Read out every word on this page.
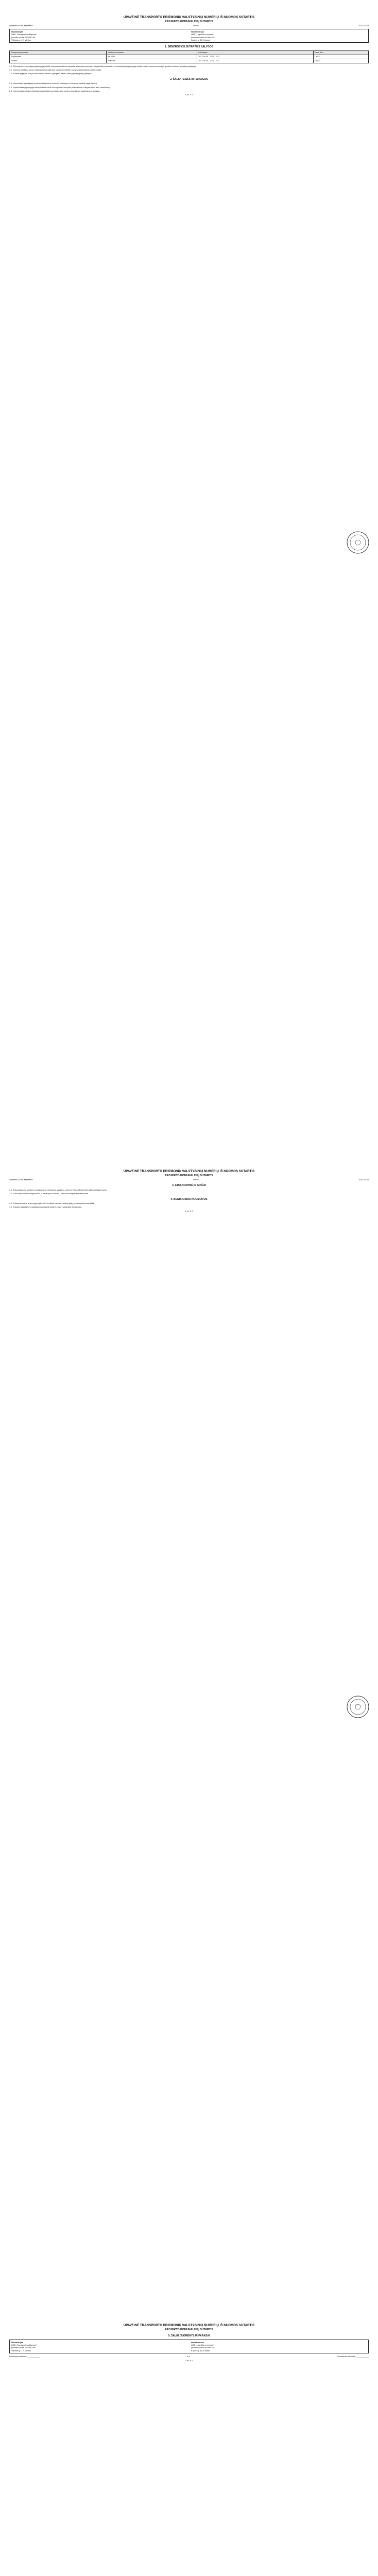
UPAVTINĖ TRANSPORTO PRIEMONIŲ VALSTYBINIŲ NUMERIŲ IŠ NUOMOS SUTARTIS
PROJEKTO KOMUNALINIŲ SUTARTIS
Sutarties Nr. KT-2021/0017	Vilnius	2021-06-08
Nuomotojas
UAB „Transporto valdymas“
Įmonės kodas 123456789
Vilniaus g. 12, Vilnius
Nuomininkas
UAB „Logistikos centras“
Įmonės kodas 987654321
Kauno g. 45, Kaunas
1. BENDROSIOS SUTARTIES SĄLYGOS
Transporto priemonė	Valstybinis numeris	Laikotarpis	Kaina, Eur
Puspriekabė	AB 1234	2021-06-08 – 2021-12-31	120,00
Vilkikas	KLM 456	2021-06-08 – 2021-12-31	180,00
1.1. Šia sutartimi nuomotojas įsipareigoja suteikti nuomininkui laikinai naudotis transporto priemonių valstybiniais numeriais, o nuomininkas įsipareigoja mokėti sutartą nuomos mokestį ir grąžinti numerius sutarties pabaigoje.
1.2. Nuomos objektas, kaina ir laikotarpis nurodyti šios sutarties lentelėje, kuri yra neatskiriama sutarties dalis.
1.3. Sutartis įsigalioja nuo jos pasirašymo dienos ir galioja iki visiško šalių įsipareigojimų įvykdymo.
2. ŠALIŲ TEISĖS IR PAREIGOS
2.1. Nuomotojas įsipareigoja perduoti valstybinius numerius tvarkingus ir tinkamus naudoti pagal paskirtį.
2.2. Nuomininkas įsipareigoja naudoti numerius tik nurodytoms transporto priemonėms ir laikytis teisės aktų reikalavimų.
2.3. Nuomininkas privalo nedelsdamas pranešti nuomotojui apie numerių praradimą, sugadinimą ar vagystę.
1 psl. iš 3
UPAVTINĖ TRANSPORTO PRIEMONIŲ VALSTYBINIŲ NUMERIŲ IŠ NUOMOS SUTARTIS
PROJEKTO KOMUNALINIŲ SUTARTIS
Sutarties Nr. KT-2021/0017	Vilnius	2021-06-08
3. ATSAKOMYBĖ IR GINČAI
3.1. Šalys atsako už sutarties neįvykdymą ar netinkamą įvykdymą Lietuvos Respublikos teisės aktų nustatyta tvarka.
3.2. Ginčai sprendžiami derybų būdu, o nepavykus susitarti – Lietuvos Respublikos teismuose.
4. BENDROSIOS NUOSTATOS
4.1. Sutartis sudaryta dviem egzemplioriais, turinčiais vienodą juridinę galią, po vieną kiekvienai šaliai.
4.2. Sutarties pakeitimai ir papildymai galioja tik sudaryti raštu ir pasirašyti abiejų šalių.
2 psl. iš 3
UPAVTINĖ TRANSPORTO PRIEMONIŲ VALSTYBINIŲ NUMERIŲ IŠ NUOMOS SUTARTIS
PROJEKTO KOMUNALINIŲ SUTARTIS
5. ŠALIŲ DUOMENYS IR PARAŠAI
Nuomotojas
UAB „Transporto valdymas“
Įmonės kodas 123456789
Vilniaus g. 12, Vilnius
Nuomininkas
UAB „Logistikos centras“
Įmonės kodas 987654321
Kauno g. 45, Kaunas
Nuomotojo atstovas ____________	A.V.	Nuomininko atstovas ____________
3 psl. iš 3
